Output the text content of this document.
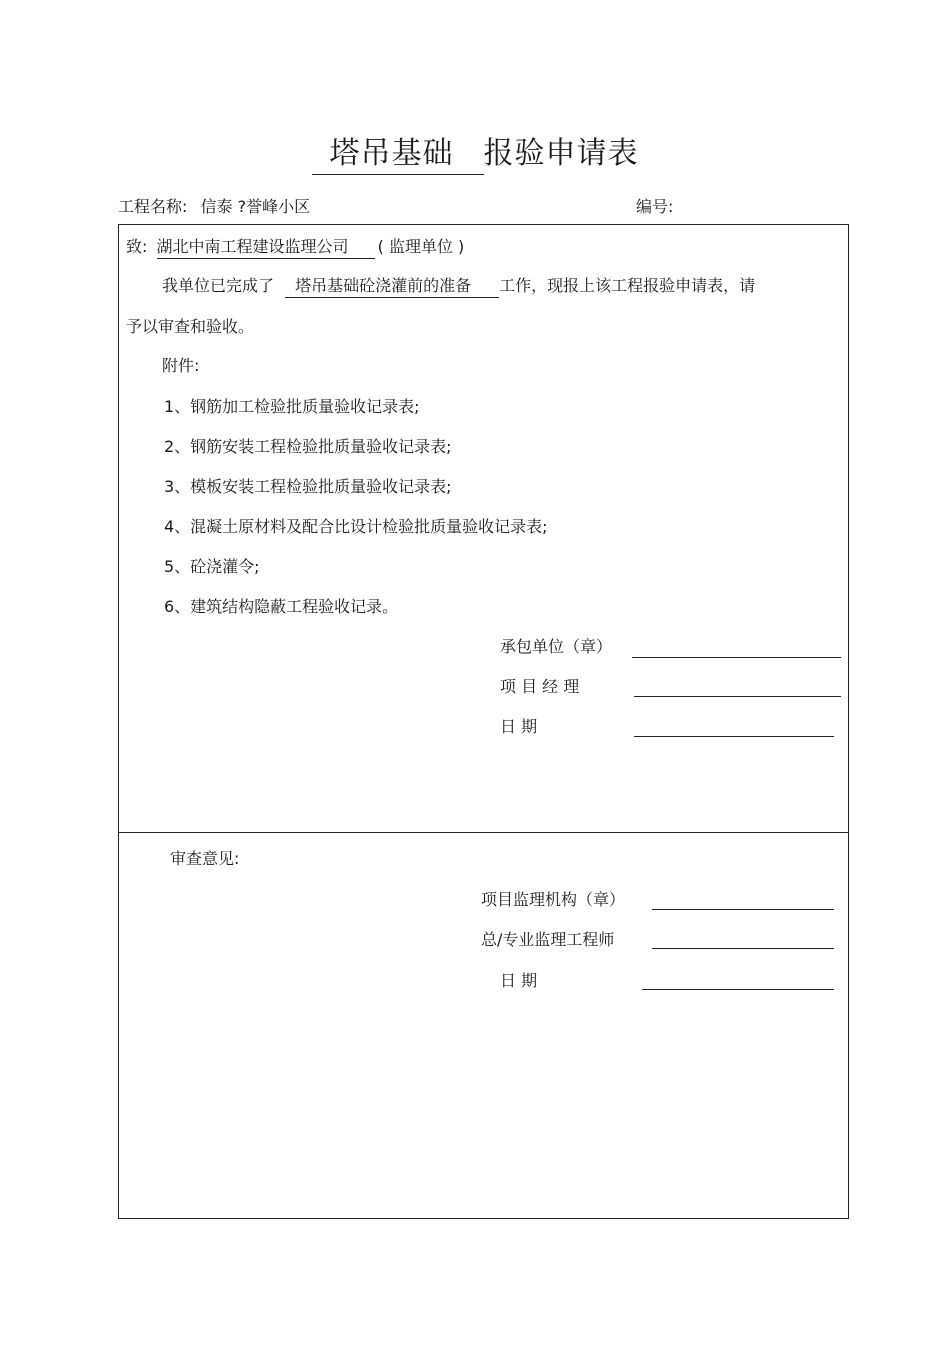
塔吊基础 报验申请表
工程名称: 信泰 ?誉峰小区	编号:
致: 湖北中南工程建设监理公司 ( 监理单位 )
我单位已完成了 塔吊基础砼浇灌前的准备 工作，现报上该工程报验申请表，请
予以审查和验收。
附件:
1、钢筋加工检验批质量验收记录表;
2、钢筋安装工程检验批质量验收记录表;
3、模板安装工程检验批质量验收记录表;
4、混凝土原材料及配合比设计检验批质量验收记录表;
5、砼浇灌令;
6、建筑结构隐蔽工程验收记录。
承包单位（章）
项 目 经 理
日 期
审查意见:
项目监理机构（章）
总/专业监理工程师
日 期
